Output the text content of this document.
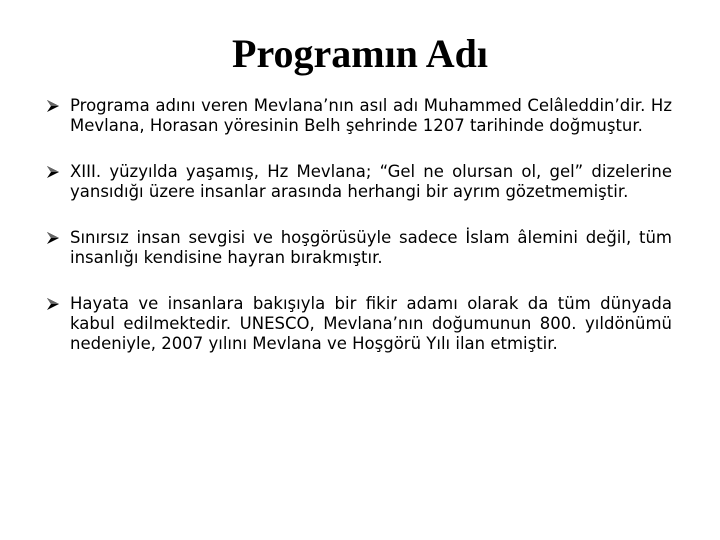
Programın Adı
Programa adını veren Mevlana’nın asıl adı Muhammed Celâleddin’dir. Hz Mevlana, Horasan yöresinin Belh şehrinde 1207 tarihinde doğmuştur.
XIII. yüzyılda yaşamış, Hz Mevlana; “Gel ne olursan ol, gel” dizelerine yansıdığı üzere insanlar arasında herhangi bir ayrım gözetmemiştir.
Sınırsız insan sevgisi ve hoşgörüsüyle sadece İslam âlemini değil, tüm insanlığı kendisine hayran bırakmıştır.
Hayata ve insanlara bakışıyla bir fikir adamı olarak da tüm dünyada kabul edilmektedir. UNESCO, Mevlana’nın doğumunun 800. yıldönümü nedeniyle, 2007 yılını Mevlana ve Hoşgörü Yılı ilan etmiştir.
